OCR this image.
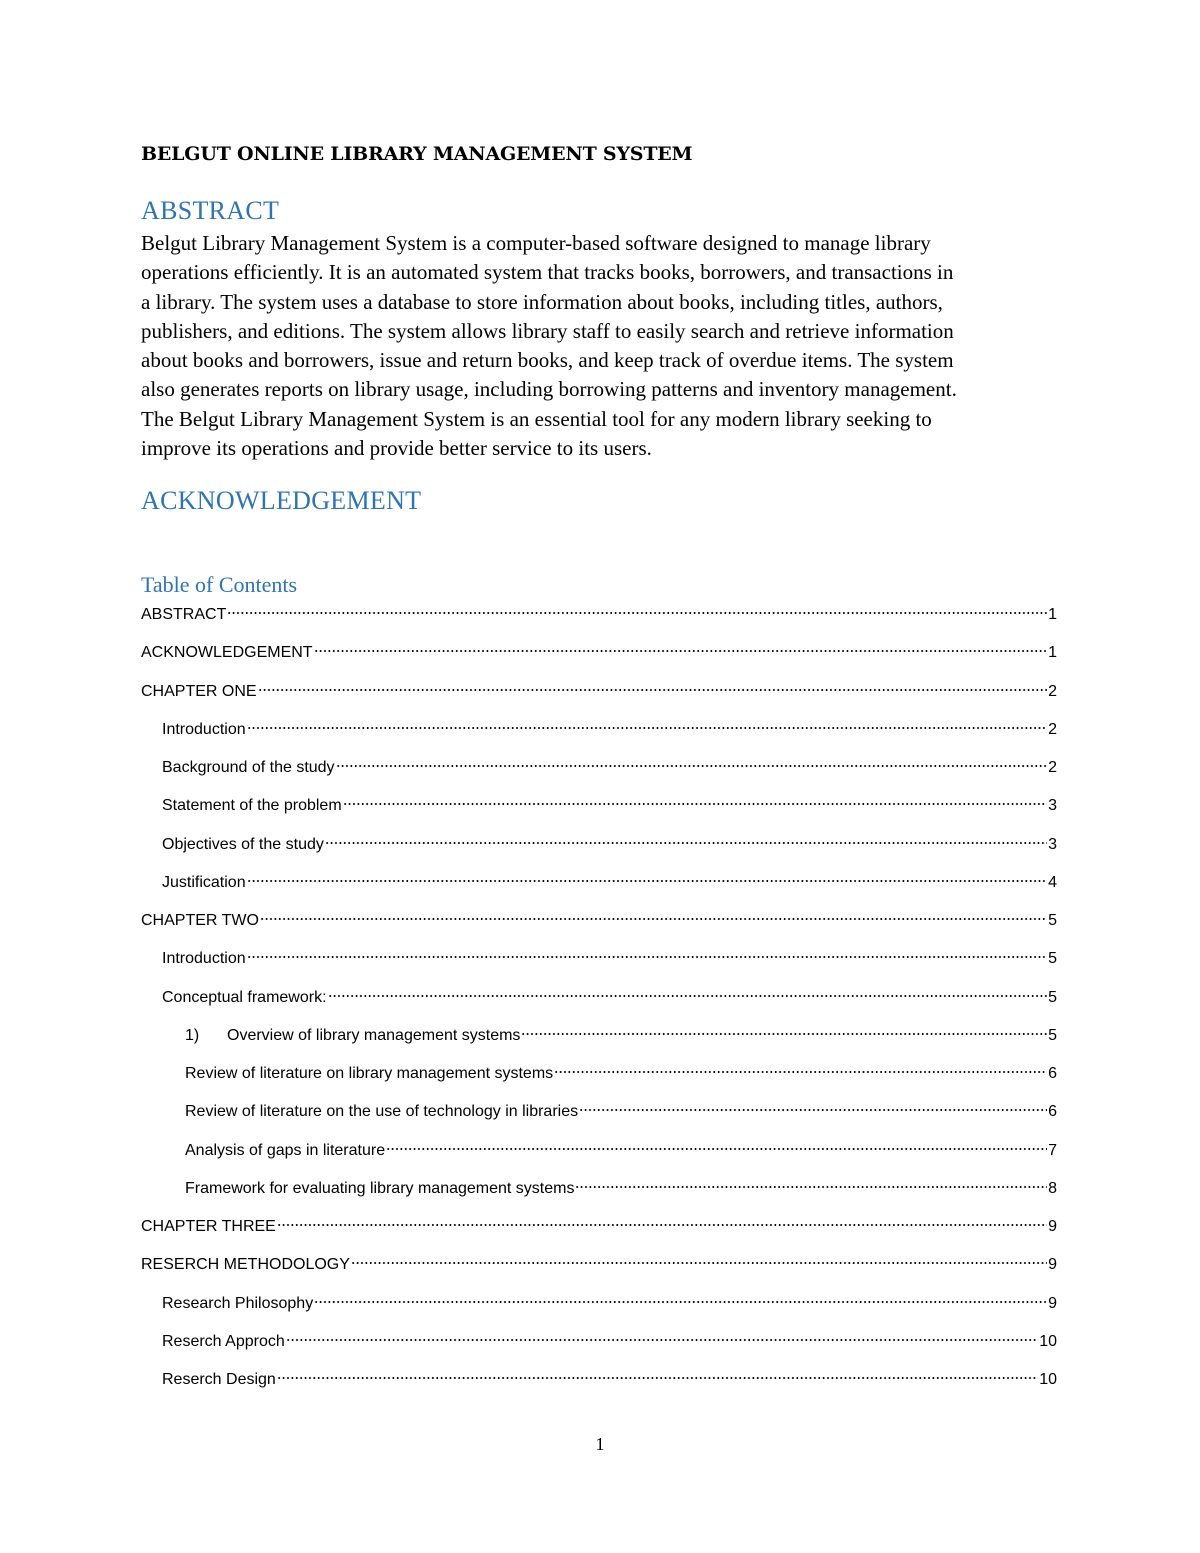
BELGUT ONLINE LIBRARY MANAGEMENT SYSTEM
ABSTRACT
Belgut Library Management System is a computer-based software designed to manage library
operations efficiently. It is an automated system that tracks books, borrowers, and transactions in
a library. The system uses a database to store information about books, including titles, authors,
publishers, and editions. The system allows library staff to easily search and retrieve information
about books and borrowers, issue and return books, and keep track of overdue items. The system
also generates reports on library usage, including borrowing patterns and inventory management.
The Belgut Library Management System is an essential tool for any modern library seeking to
improve its operations and provide better service to its users.
ACKNOWLEDGEMENT
Table of Contents
ABSTRACT	1
ACKNOWLEDGEMENT	1
CHAPTER ONE	2
Introduction	2
Background of the study	2
Statement of the problem	3
Objectives of the study	3
Justification	4
CHAPTER TWO	5
Introduction	5
Conceptual framework:	5
1)	Overview of library management systems	5
Review of literature on library management systems	6
Review of literature on the use of technology in libraries	6
Analysis of gaps in literature	7
Framework for evaluating library management systems	8
CHAPTER THREE	9
RESERCH METHODOLOGY	9
Research Philosophy	9
Reserch Approch	10
Reserch Design	10
1
